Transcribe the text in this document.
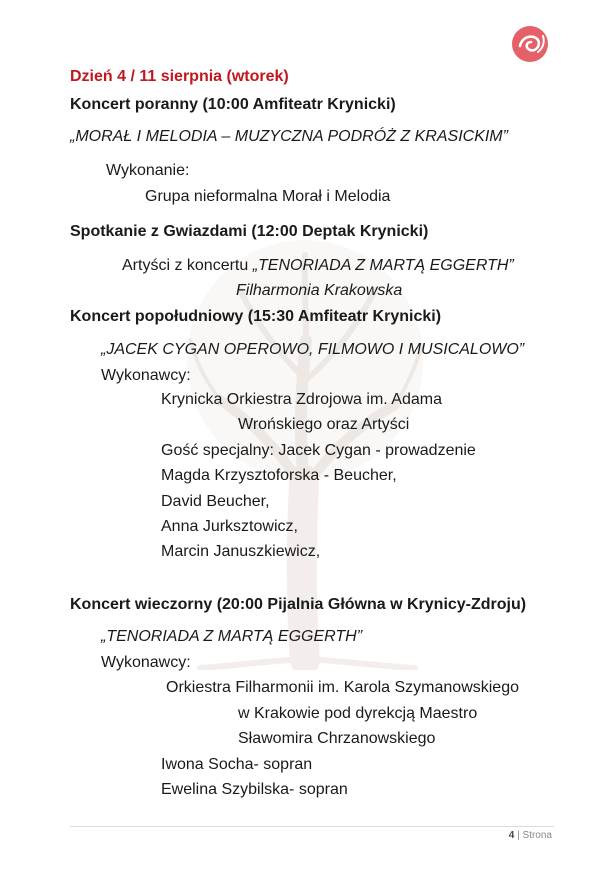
Dzień 4 / 11 sierpnia (wtorek)
Koncert poranny (10:00 Amfiteatr Krynicki)
„MORAŁ I MELODIA – MUZYCZNA PODRÓŻ Z KRASICKIM”
Wykonanie:
Grupa nieformalna Morał i Melodia
Spotkanie z Gwiazdami (12:00 Deptak Krynicki)
Artyści z koncertu „TENORIADA Z MARTĄ EGGERTH”
Filharmonia Krakowska
Koncert popołudniowy (15:30 Amfiteatr Krynicki)
„JACEK CYGAN OPEROWO, FILMOWO I MUSICALOWO”
Wykonawcy:
Krynicka Orkiestra Zdrojowa im. Adama
Wrońskiego oraz Artyści
Gość specjalny: Jacek Cygan - prowadzenie
Magda Krzysztoforska - Beucher,
David Beucher,
Anna Jurksztowicz,
Marcin Januszkiewicz,
Koncert wieczorny (20:00 Pijalnia Główna w Krynicy-Zdroju)
„TENORIADA Z MARTĄ EGGERTH”
Wykonawcy:
Orkiestra Filharmonii im. Karola Szymanowskiego
w Krakowie pod dyrekcją Maestro
Sławomira Chrzanowskiego
Iwona Socha- sopran
Ewelina Szybilska- sopran
4 | Strona
